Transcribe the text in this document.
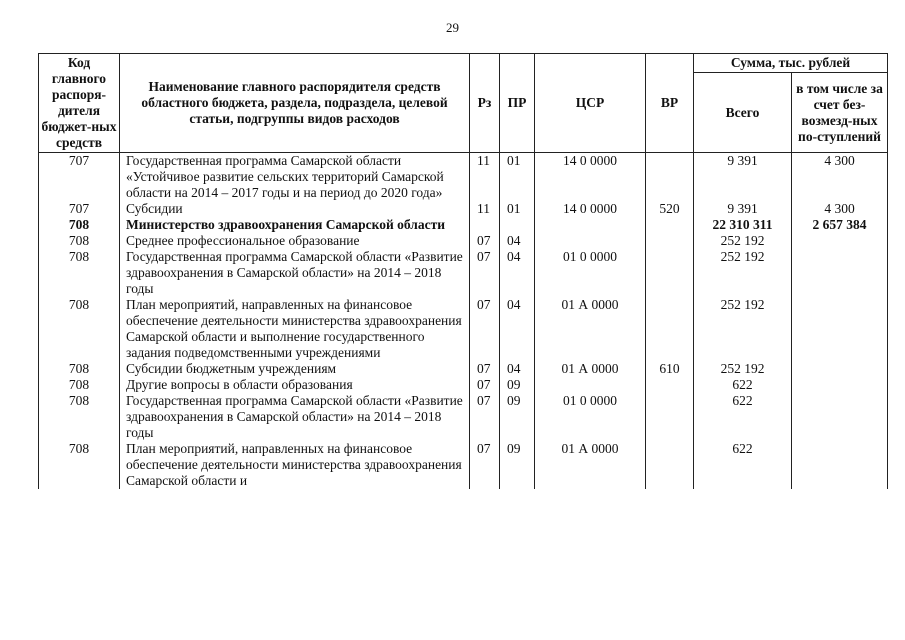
29
Код главного распоря-дителя бюджет-ных средств	Наименование главного распорядителя средств областного бюджета, раздела, подраздела, целевой статьи, подгруппы видов расходов	Рз	ПР	ЦСР	ВР	Сумма, тыс. рублей	
						Всего	в том числе за счет без-возмезд-ных по-ступлений
707	Государственная программа Самарской области «Устойчивое развитие сельских территорий Самарской области на 2014 – 2017 годы и на период до 2020 года»	11	01	14 0 0000		9 391	4 300
707	Субсидии	11	01	14 0 0000	520	9 391	4 300
708	Министерство здравоохранения Самарской области					22 310 311	2 657 384
708	Среднее профессиональное образование	07	04			252 192	
708	Государственная программа Самарской области «Развитие здравоохранения в Самарской области» на 2014 – 2018 годы	07	04	01 0 0000		252 192	
708	План мероприятий, направленных на финансовое обеспечение деятельности министерства здравоохранения Самарской области и выполнение государственного задания подведомственными учреждениями	07	04	01 А 0000		252 192	
708	Субсидии бюджетным учреждениям	07	04	01 А 0000	610	252 192	
708	Другие вопросы в области образования	07	09			622	
708	Государственная программа Самарской области «Развитие здравоохранения в Самарской области» на 2014 – 2018 годы	07	09	01 0 0000		622	
708	План мероприятий, направленных на финансовое обеспечение деятельности министерства здравоохранения Самарской области и	07	09	01 А 0000		622	
